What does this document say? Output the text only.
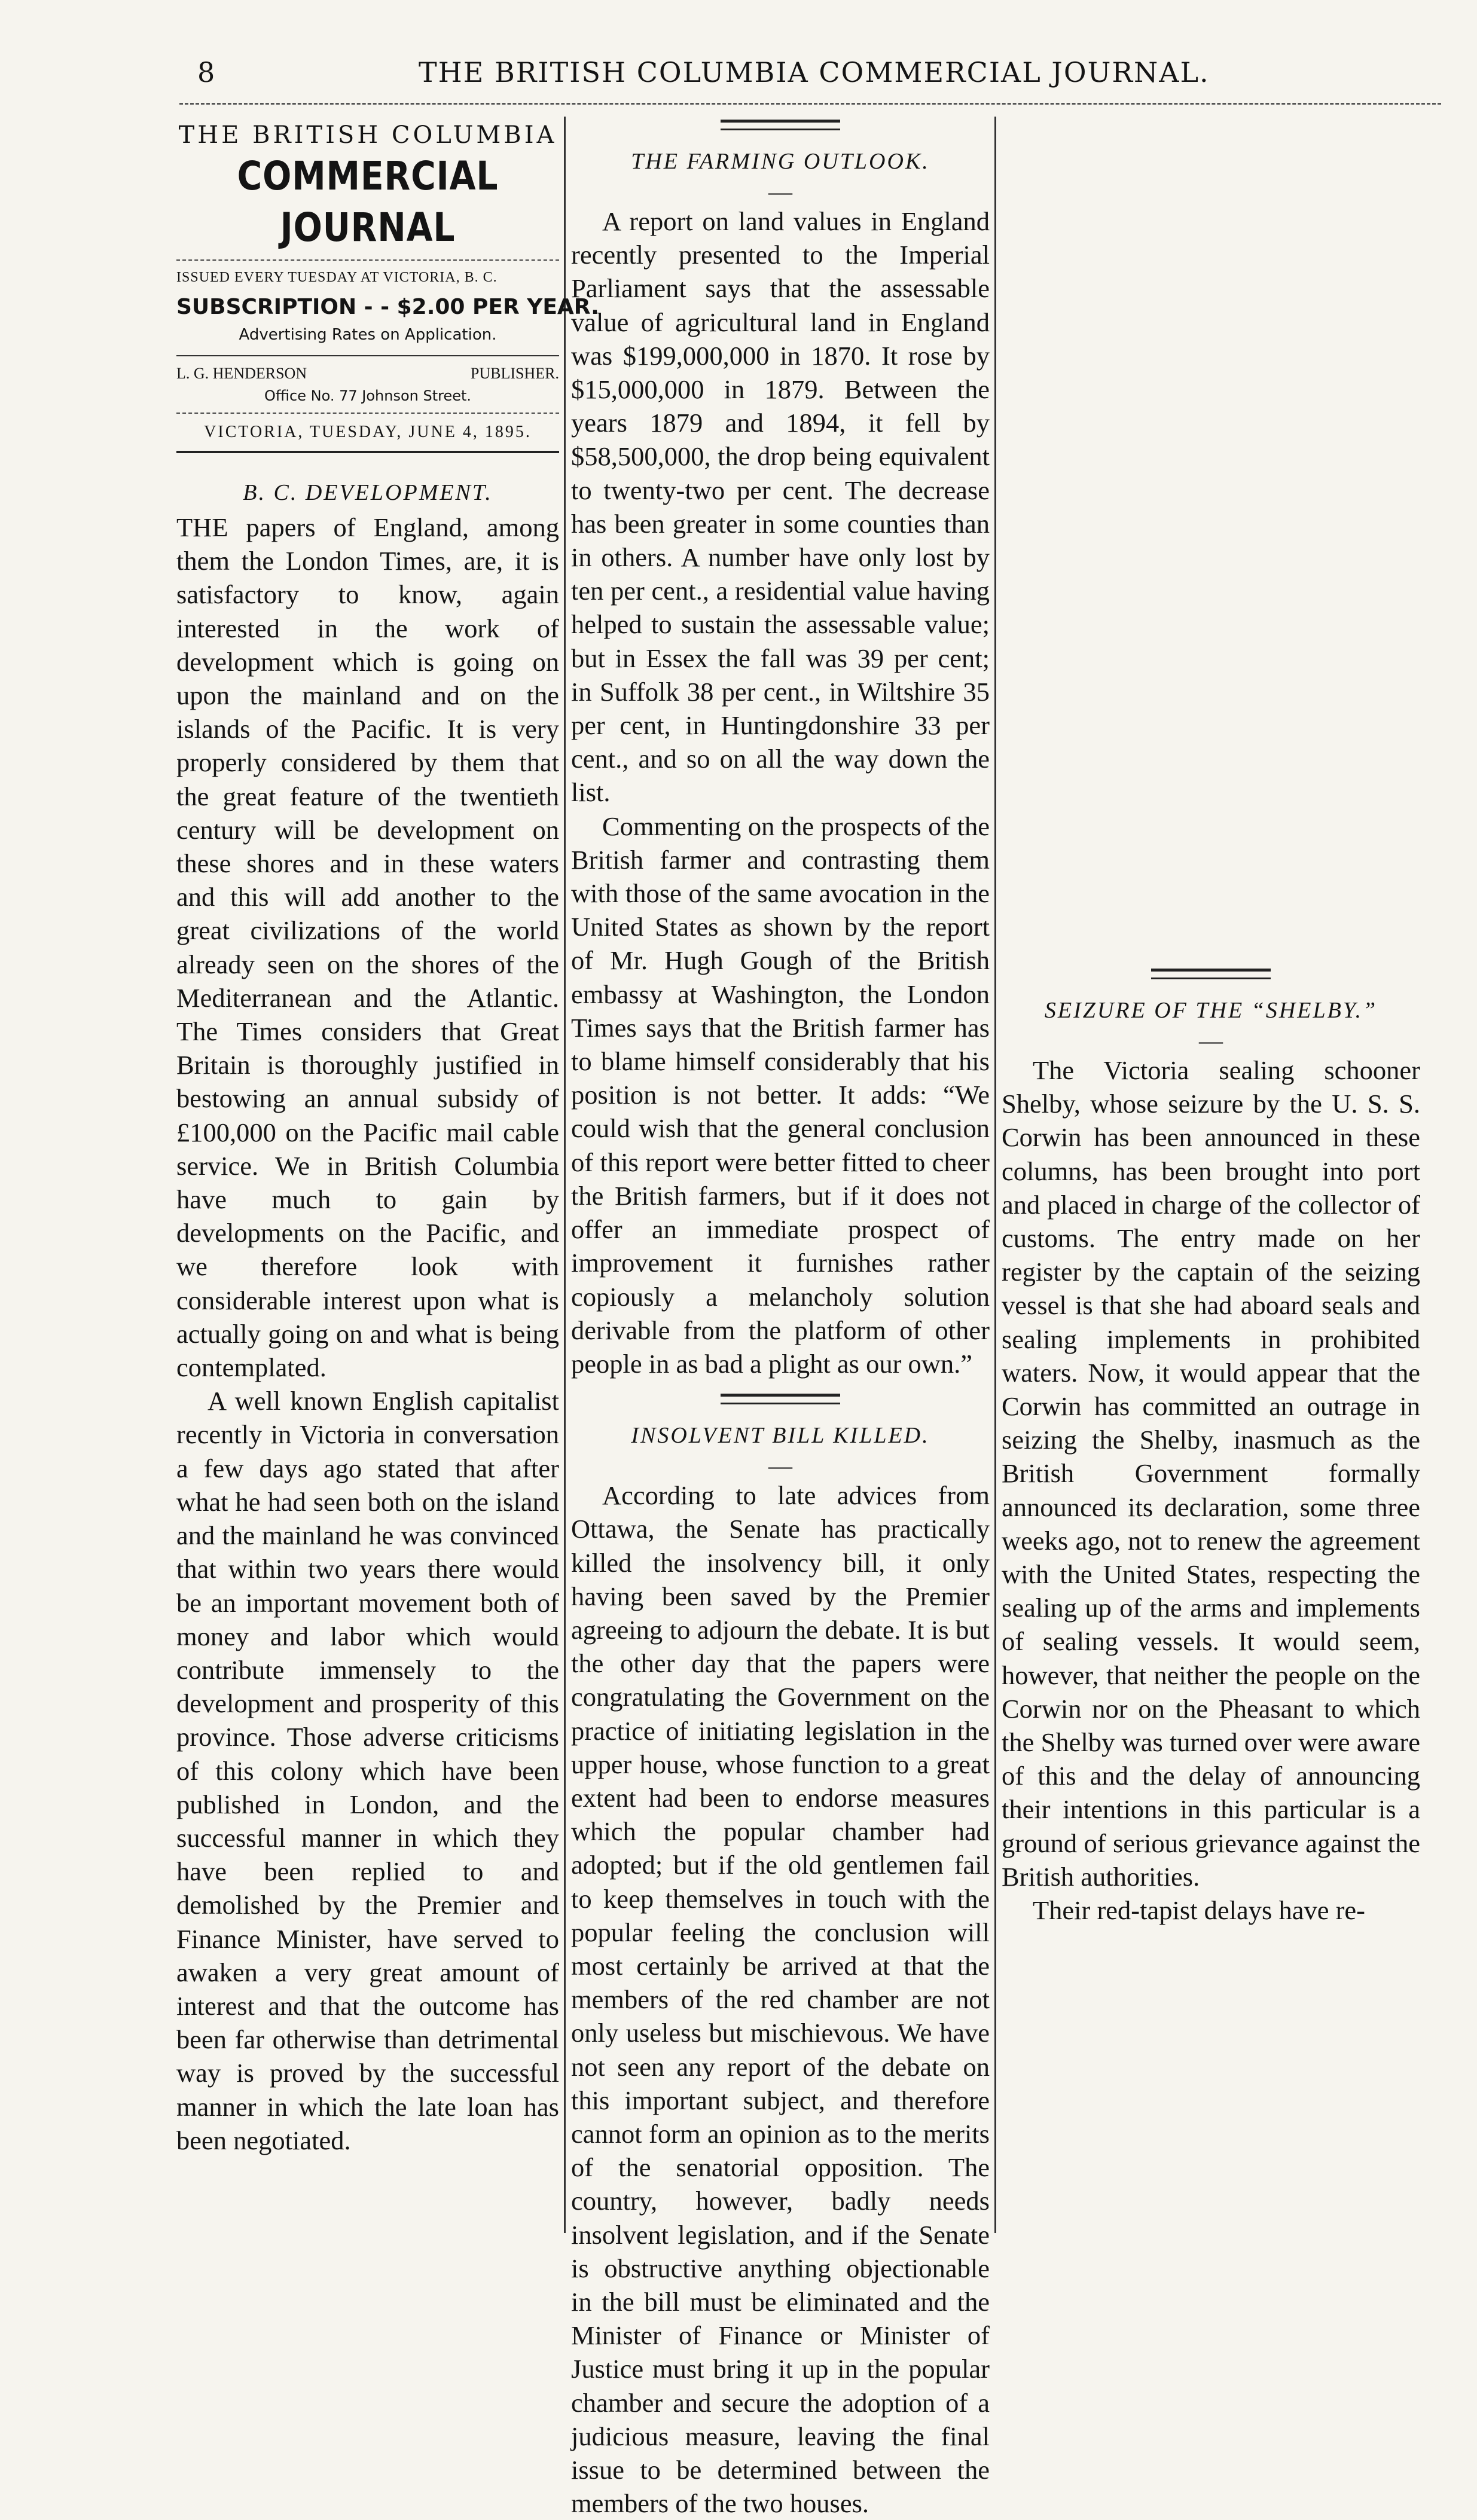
8	THE BRITISH COLUMBIA COMMERCIAL JOURNAL.

THE BRITISH COLUMBIA

COMMERCIAL JOURNAL

ISSUED EVERY TUESDAY AT VICTORIA, B. C.

SUBSCRIPTION - - $2.00 PER YEAR.

Advertising Rates on Application.

L. G. HENDERSON	PUBLISHER.

Office No. 77 Johnson Street.

VICTORIA, TUESDAY, JUNE 4, 1895.

B. C. DEVELOPMENT.

THE papers of England, among them the London Times, are, it is satisfactory to know, again interested in the work of development which is going on upon the mainland and on the islands of the Pacific. It is very properly considered by them that the great feature of the twentieth century will be development on these shores and in these waters and this will add another to the great civilizations of the world already seen on the shores of the Mediterranean and the Atlantic. The Times considers that Great Britain is thoroughly justified in bestowing an annual subsidy of £100,000 on the Pacific mail cable service. We in British Columbia have much to gain by developments on the Pacific, and we therefore look with considerable interest upon what is actually going on and what is being contemplated.

A well known English capitalist recently in Victoria in conversation a few days ago stated that after what he had seen both on the island and the mainland he was convinced that within two years there would be an important movement both of money and labor which would contribute immensely to the development and prosperity of this province. Those adverse criticisms of this colony which have been published in London, and the successful manner in which they have been replied to and demolished by the Premier and Finance Minister, have served to awaken a very great amount of interest and that the outcome has been far otherwise than detrimental way is proved by the successful manner in which the late loan has been negotiated.

THE FARMING OUTLOOK.

—

A report on land values in England recently presented to the Imperial Parliament says that the assessable value of agricultural land in England was $199,000,000 in 1870. It rose by $15,000,000 in 1879. Between the years 1879 and 1894, it fell by $58,500,000, the drop being equivalent to twenty-two per cent. The decrease has been greater in some counties than in others. A number have only lost by ten per cent., a residential value having helped to sustain the assessable value; but in Essex the fall was 39 per cent; in Suffolk 38 per cent., in Wiltshire 35 per cent, in Huntingdonshire 33 per cent., and so on all the way down the list.

Commenting on the prospects of the British farmer and contrasting them with those of the same avocation in the United States as shown by the report of Mr. Hugh Gough of the British embassy at Washington, the London Times says that the British farmer has to blame himself considerably that his position is not better. It adds: “We could wish that the general conclusion of this report were better fitted to cheer the British farmers, but if it does not offer an immediate prospect of improvement it furnishes rather copiously a melancholy solution derivable from the platform of other people in as bad a plight as our own.”

INSOLVENT BILL KILLED.

—

According to late advices from Ottawa, the Senate has practically killed the insolvency bill, it only having been saved by the Premier agreeing to adjourn the debate. It is but the other day that the papers were congratulating the Government on the practice of initiating legislation in the upper house, whose function to a great extent had been to endorse measures which the popular chamber had adopted; but if the old gentlemen fail to keep themselves in touch with the popular feeling the conclusion will most certainly be arrived at that the members of the red chamber are not only useless but mischievous. We have not seen any report of the debate on this important subject, and therefore cannot form an opinion as to the merits of the senatorial opposition. The country, however, badly needs insolvent legislation, and if the Senate is obstructive anything objectionable in the bill must be eliminated and the Minister of Finance or Minister of Justice must bring it up in the popular chamber and secure the adoption of a judicious measure, leaving the final issue to be determined between the members of the two houses.

SEIZURE OF THE “SHELBY.”

—

The Victoria sealing schooner Shelby, whose seizure by the U. S. S. Corwin has been announced in these columns, has been brought into port and placed in charge of the collector of customs. The entry made on her register by the captain of the seizing vessel is that she had aboard seals and sealing implements in prohibited waters. Now, it would appear that the Corwin has committed an outrage in seizing the Shelby, inasmuch as the British Government formally announced its declaration, some three weeks ago, not to renew the agreement with the United States, respecting the sealing up of the arms and implements of sealing vessels. It would seem, however, that neither the people on the Corwin nor on the Pheasant to which the Shelby was turned over were aware of this and the delay of announcing their intentions in this particular is a ground of serious grievance against the British authorities.

Their red-tapist delays have re-
